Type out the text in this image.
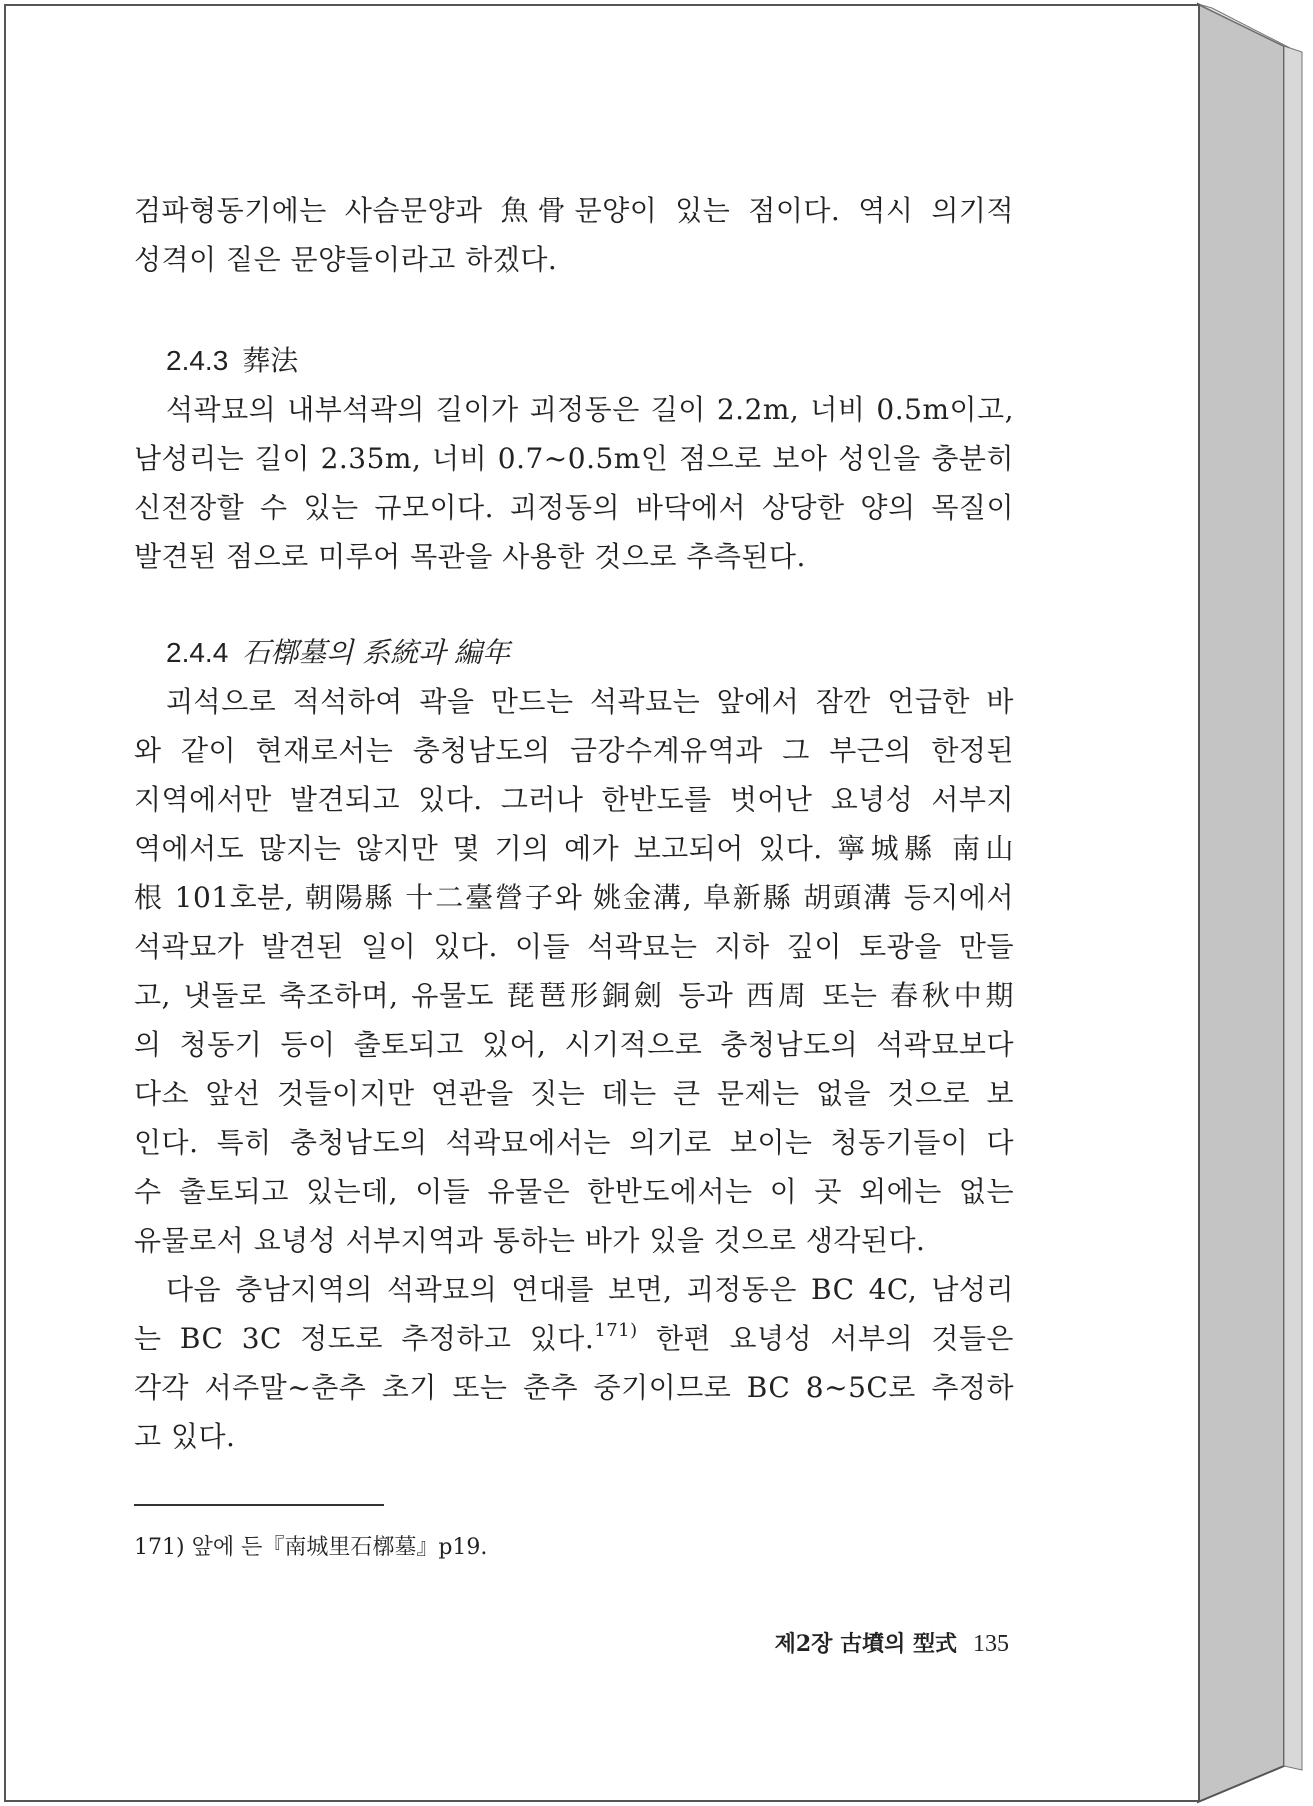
검파형동기에는 사슴문양과 魚骨문양이 있는 점이다. 역시 의기적
성격이 짙은 문양들이라고 하겠다.
2.4.3 葬法
석곽묘의 내부석곽의 길이가 괴정동은 길이 2.2m, 너비 0.5m이고,
남성리는 길이 2.35m, 너비 0.7~0.5m인 점으로 보아 성인을 충분히
신전장할 수 있는 규모이다. 괴정동의 바닥에서 상당한 양의 목질이
발견된 점으로 미루어 목관을 사용한 것으로 추측된다.
2.4.4 石槨墓의 系統과 編年
괴석으로 적석하여 곽을 만드는 석곽묘는 앞에서 잠깐 언급한 바
와 같이 현재로서는 충청남도의 금강수계유역과 그 부근의 한정된
지역에서만 발견되고 있다. 그러나 한반도를 벗어난 요녕성 서부지
역에서도 많지는 않지만 몇 기의 예가 보고되어 있다. 寧城縣 南山
根 101호분, 朝陽縣 十二臺營子와 姚金溝, 阜新縣 胡頭溝 등지에서
석곽묘가 발견된 일이 있다. 이들 석곽묘는 지하 깊이 토광을 만들
고, 냇돌로 축조하며, 유물도 琵琶形銅劍 등과 西周 또는 春秋中期
의 청동기 등이 출토되고 있어, 시기적으로 충청남도의 석곽묘보다
다소 앞선 것들이지만 연관을 짓는 데는 큰 문제는 없을 것으로 보
인다. 특히 충청남도의 석곽묘에서는 의기로 보이는 청동기들이 다
수 출토되고 있는데, 이들 유물은 한반도에서는 이 곳 외에는 없는
유물로서 요녕성 서부지역과 통하는 바가 있을 것으로 생각된다.
다음 충남지역의 석곽묘의 연대를 보면, 괴정동은 BC 4C, 남성리
는 BC 3C 정도로 추정하고 있다.$^{171)}$ 한편 요녕성 서부의 것들은
각각 서주말~춘추 초기 또는 춘추 중기이므로 BC 8~5C로 추정하
고 있다.
171) 앞에 든『南城里石槨墓』p19.
제2장 古墳의 型式 135
